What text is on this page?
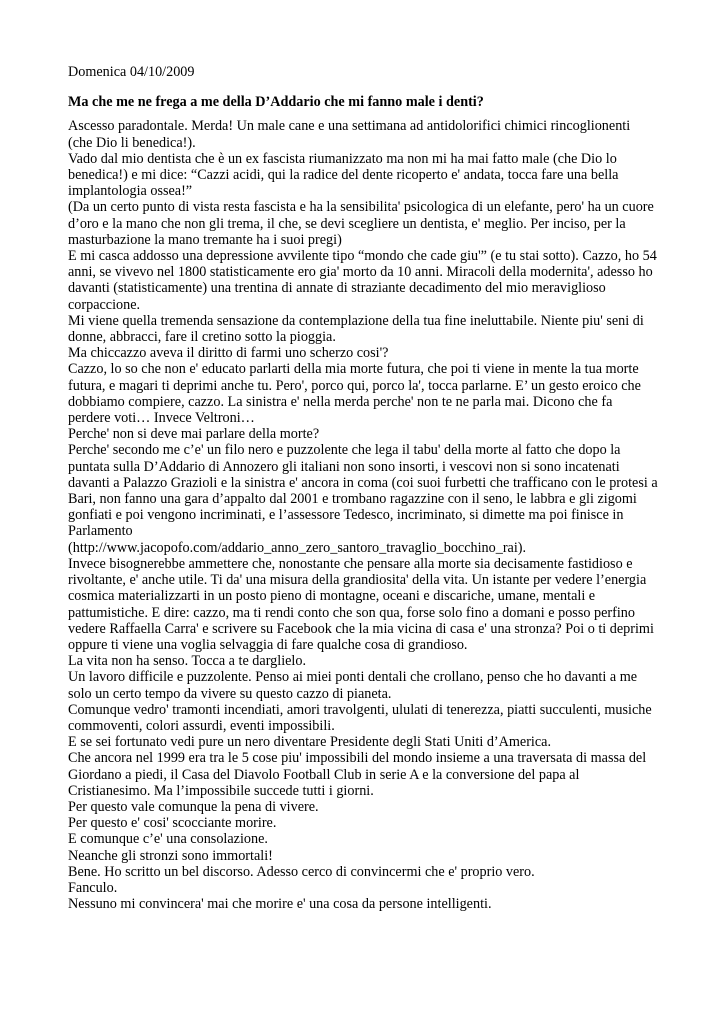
Domenica 04/10/2009

Ma che me ne frega a me della D’Addario che mi fanno male i denti?

Ascesso paradontale. Merda! Un male cane e una settimana ad antidolorifici chimici rincoglionenti (che Dio li benedica!).

Vado dal mio dentista che è un ex fascista riumanizzato ma non mi ha mai fatto male (che Dio lo benedica!) e mi dice: “Cazzi acidi, qui la radice del dente ricoperto e' andata, tocca fare una bella implantologia ossea!”

(Da un certo punto di vista resta fascista e ha la sensibilita' psicologica di un elefante, pero' ha un cuore d’oro e la mano che non gli trema, il che, se devi scegliere un dentista, e' meglio. Per inciso, per la masturbazione la mano tremante ha i suoi pregi)

E mi casca addosso una depressione avvilente tipo “mondo che cade giu'” (e tu stai sotto). Cazzo, ho 54 anni, se vivevo nel 1800 statisticamente ero gia' morto da 10 anni. Miracoli della modernita', adesso ho davanti (statisticamente) una trentina di annate di straziante decadimento del mio meraviglioso corpaccione.

Mi viene quella tremenda sensazione da contemplazione della tua fine ineluttabile. Niente piu' seni di donne, abbracci, fare il cretino sotto la pioggia.

Ma chiccazzo aveva il diritto di farmi uno scherzo cosi'?

Cazzo, lo so che non e' educato parlarti della mia morte futura, che poi ti viene in mente la tua morte futura, e magari ti deprimi anche tu. Pero', porco qui, porco la', tocca parlarne. E’ un gesto eroico che dobbiamo compiere, cazzo. La sinistra e' nella merda perche' non te ne parla mai. Dicono che fa perdere voti… Invece Veltroni…

Perche' non si deve mai parlare della morte?

Perche' secondo me c’e' un filo nero e puzzolente che lega il tabu' della morte al fatto che dopo la puntata sulla D’Addario di Annozero gli italiani non sono insorti, i vescovi non si sono incatenati davanti a Palazzo Grazioli e la sinistra e' ancora in coma (coi suoi furbetti che trafficano con le protesi a Bari, non fanno una gara d’appalto dal 2001 e trombano ragazzine con il seno, le labbra e gli zigomi gonfiati e poi vengono incriminati, e l’assessore Tedesco, incriminato, si dimette ma poi finisce in Parlamento

(http://www.jacopofo.com/addario_anno_zero_santoro_travaglio_bocchino_rai).

Invece bisognerebbe ammettere che, nonostante che pensare alla morte sia decisamente fastidioso e rivoltante, e' anche utile. Ti da' una misura della grandiosita' della vita. Un istante per vedere l’energia cosmica materializzarti in un posto pieno di montagne, oceani e discariche, umane, mentali e pattumistiche. E dire: cazzo, ma ti rendi conto che son qua, forse solo fino a domani e posso perfino vedere Raffaella Carra' e scrivere su Facebook che la mia vicina di casa e' una stronza? Poi o ti deprimi oppure ti viene una voglia selvaggia di fare qualche cosa di grandioso.

La vita non ha senso. Tocca a te darglielo.

Un lavoro difficile e puzzolente. Penso ai miei ponti dentali che crollano, penso che ho davanti a me solo un certo tempo da vivere su questo cazzo di pianeta.

Comunque vedro' tramonti incendiati, amori travolgenti, ululati di tenerezza, piatti succulenti, musiche commoventi, colori assurdi, eventi impossibili.

E se sei fortunato vedi pure un nero diventare Presidente degli Stati Uniti d’America.

Che ancora nel 1999 era tra le 5 cose piu' impossibili del mondo insieme a una traversata di massa del Giordano a piedi, il Casa del Diavolo Football Club in serie A e la conversione del papa al Cristianesimo. Ma l’impossibile succede tutti i giorni.

Per questo vale comunque la pena di vivere.

Per questo e' cosi' scocciante morire.

E comunque c’e' una consolazione.

Neanche gli stronzi sono immortali!

Bene. Ho scritto un bel discorso. Adesso cerco di convincermi che e' proprio vero.

Fanculo.

Nessuno mi convincera' mai che morire e' una cosa da persone intelligenti.
